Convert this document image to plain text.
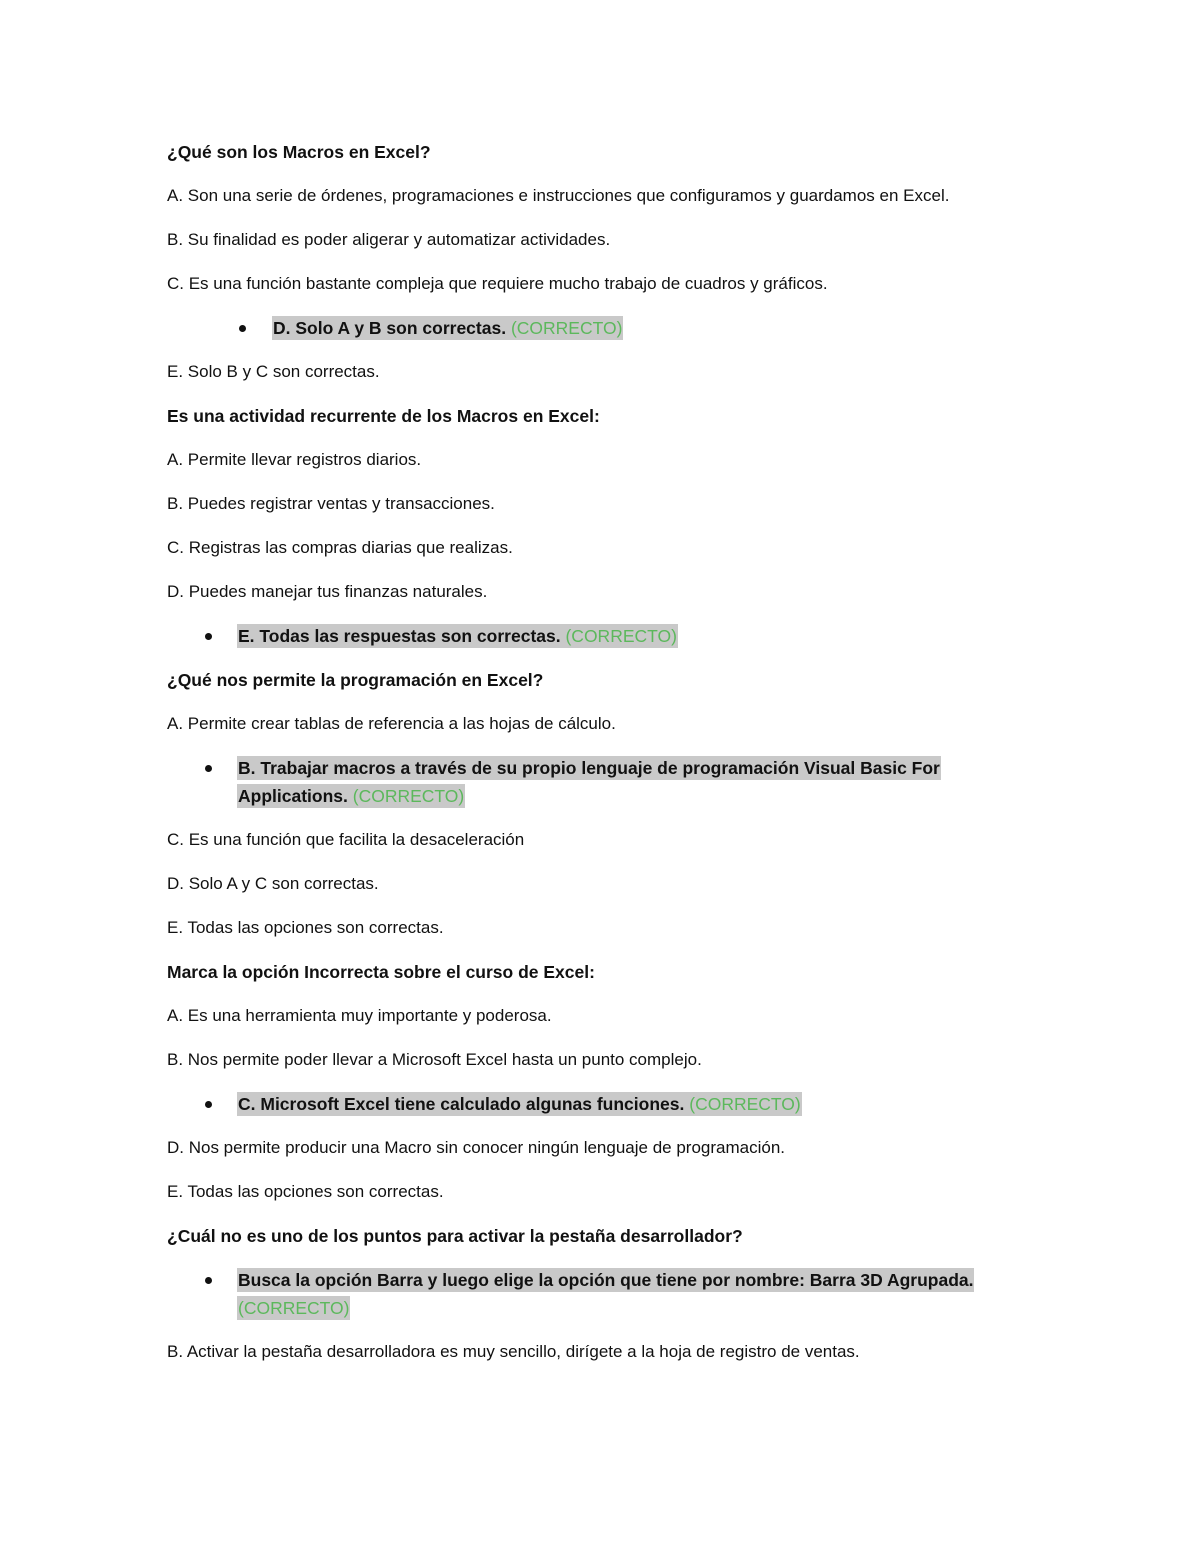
¿Qué son los Macros en Excel?
A. Son una serie de órdenes, programaciones e instrucciones que configuramos y guardamos en Excel.
B. Su finalidad es poder aligerar y automatizar actividades.
C. Es una función bastante compleja que requiere mucho trabajo de cuadros y gráficos.
D. Solo A y B son correctas. (CORRECTO)
E. Solo B y C son correctas.
Es una actividad recurrente de los Macros en Excel:
A. Permite llevar registros diarios.
B. Puedes registrar ventas y transacciones.
C. Registras las compras diarias que realizas.
D. Puedes manejar tus finanzas naturales.
E. Todas las respuestas son correctas. (CORRECTO)
¿Qué nos permite la programación en Excel?
A. Permite crear tablas de referencia a las hojas de cálculo.
B. Trabajar macros a través de su propio lenguaje de programación Visual Basic For Applications. (CORRECTO)
C. Es una función que facilita la desaceleración
D. Solo A y C son correctas.
E. Todas las opciones son correctas.
Marca la opción Incorrecta sobre el curso de Excel:
A. Es una herramienta muy importante y poderosa.
B. Nos permite poder llevar a Microsoft Excel hasta un punto complejo.
C. Microsoft Excel tiene calculado algunas funciones. (CORRECTO)
D. Nos permite producir una Macro sin conocer ningún lenguaje de programación.
E. Todas las opciones son correctas.
¿Cuál no es uno de los puntos para activar la pestaña desarrollador?
Busca la opción Barra y luego elige la opción que tiene por nombre: Barra 3D Agrupada. (CORRECTO)
B. Activar la pestaña desarrolladora es muy sencillo, dirígete a la hoja de registro de ventas.
